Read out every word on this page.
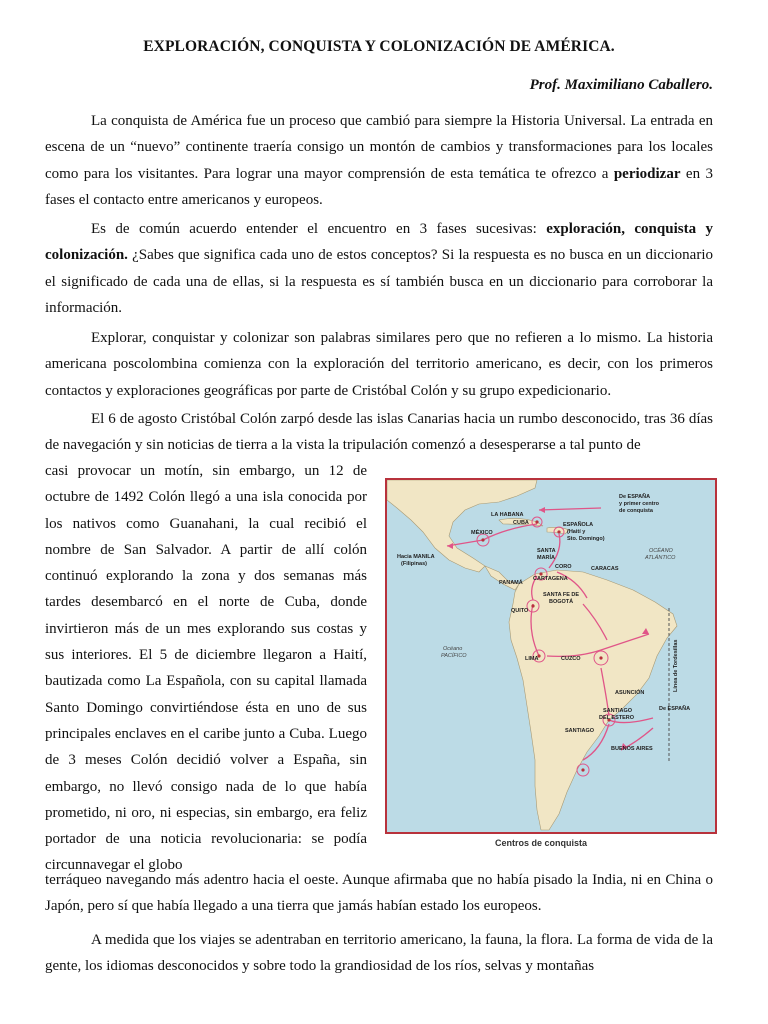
EXPLORACIÓN, CONQUISTA Y COLONIZACIÓN DE AMÉRICA.
Prof. Maximiliano Caballero.

La conquista de América fue un proceso que cambió para siempre la Historia Universal. La entrada en escena de un “nuevo” continente traería consigo un montón de cambios y transformaciones para los locales como para los visitantes. Para lograr una mayor comprensión de esta temática te ofrezco a periodizar en 3 fases el contacto entre americanos y europeos.

Es de común acuerdo entender el encuentro en 3 fases sucesivas: exploración, conquista y colonización. ¿Sabes que significa cada uno de estos conceptos? Si la respuesta es no busca en un diccionario el significado de cada una de ellas, si la respuesta es sí también busca en un diccionario para corroborar la información.

Explorar, conquistar y colonizar son palabras similares pero que no refieren a lo mismo. La historia americana poscolombina comienza con la exploración del territorio americano, es decir, con los primeros contactos y exploraciones geográficas por parte de Cristóbal Colón y su grupo expedicionario.

El 6 de agosto Cristóbal Colón zarpó desde las islas Canarias hacia un rumbo desconocido, tras 36 días de navegación y sin noticias de tierra a la vista la tripulación comenzó a desesperarse a tal punto de

casi provocar un motín, sin embargo, un 12 de octubre de 1492 Colón llegó a una isla conocida por los nativos como Guanahani, la cual recibió el nombre de San Salvador. A partir de allí colón continuó explorando la zona y dos semanas más tardes desembarcó en el norte de Cuba, donde invirtieron más de un mes explorando sus costas y sus interiores. El 5 de diciembre llegaron a Haití, bautizada como La Española, con su capital llamada Santo Domingo convirtiéndose ésta en uno de sus principales enclaves en el caribe junto a Cuba. Luego de 3 meses Colón decidió volver a España, sin embargo, no llevó consigo nada de lo que había prometido, ni oro, ni especias, sin embargo, era feliz portador de una noticia revolucionaria: se podía circunnavegar el globo

terráqueo navegando más adentro hacia el oeste. Aunque afirmaba que no había pisado la India, ni en China o Japón, pero sí que había llegado a una tierra que jamás habían estado los europeos.

A medida que los viajes se adentraban en territorio americano, la fauna, la flora. La forma de vida de la gente, los idiomas desconocidos y sobre todo la grandiosidad de los ríos, selvas y montañas

De ESPAÑA
y primer centro
de conquista
MÉXICO
LA HABANA
CUBA	ESPAÑOLA
(Haití y
Sto. Domingo)
Hacia MANILA
(Filipinas)
SANTA
MARÍA
CORO	CARACAS
PANAMÁ
CARTAGENA
SANTA FE DE
BOGOTÁ
QUITO
OCÉANO
ATLÁNTICO
Océano
PACÍFICO	LIMA	CUZCO	Línea de Tordesillas
ASUNCIÓN
SANTIAGO
DEL ESTERO
De ESPAÑA
SANTIAGO
BUENOS AIRES
Centros de conquista
